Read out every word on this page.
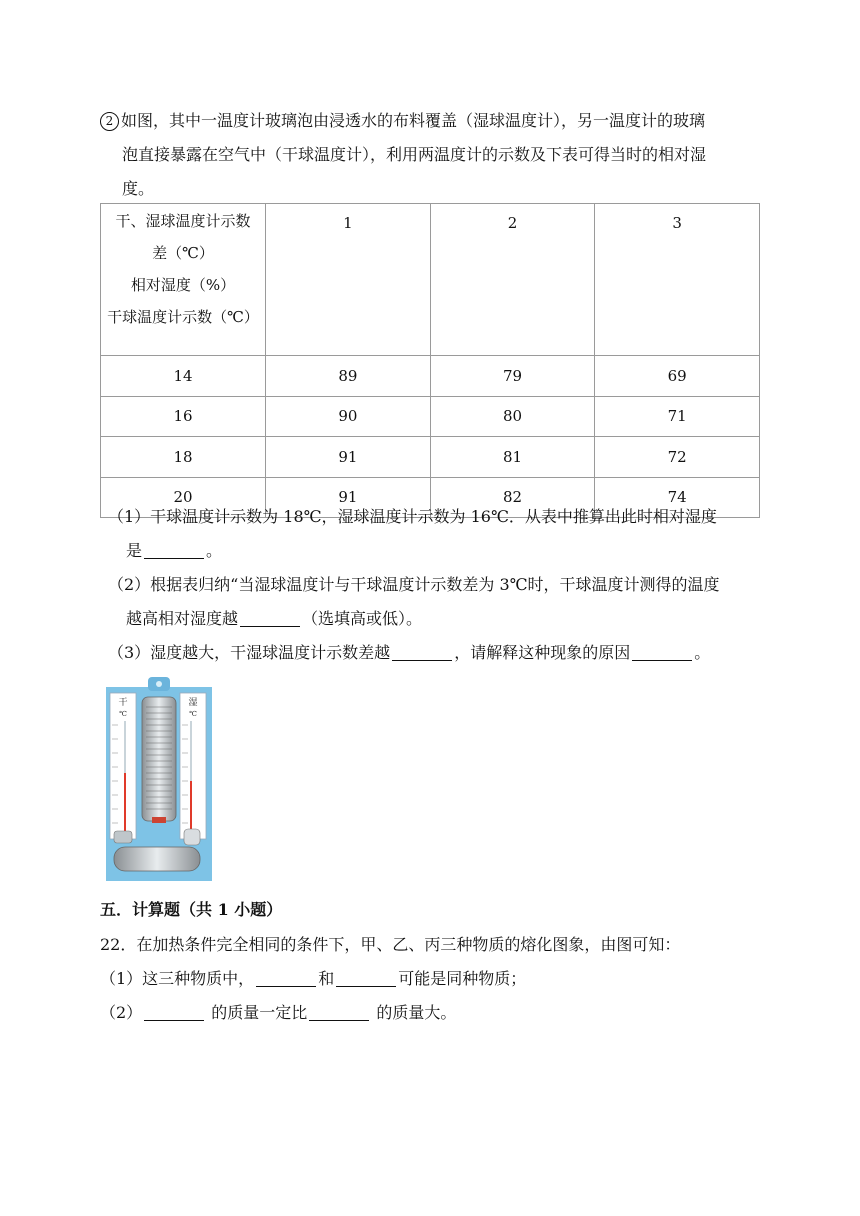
2 如图，其中一温度计玻璃泡由浸透水的布料覆盖（湿球温度计），另一温度计的玻璃
泡直接暴露在空气中（干球温度计），利用两温度计的示数及下表可得当时的相对湿
度。
干、湿球温度计示数
差（℃）
相对湿度（%）
干球温度计示数（℃）	1	2	3
14	89	79	69
16	90	80	71
18	91	81	72
20	91	82	74
（1）干球温度计示数为 18℃，湿球温度计示数为 16℃．从表中推算出此时相对湿度
是	。
（2）根据表归纳“当湿球温度计与干球温度计示数差为 3℃时，干球温度计测得的温度
越高相对湿度越	（选填高或低）。
（3）湿度越大，干湿球温度计示数差越	，请解释这种现象的原因	。
干
℃
湿
℃
五．计算题（共 1 小题）
22．在加热条件完全相同的条件下，甲、乙、丙三种物质的熔化图象，由图可知：
（1）这三种物质中，	和	可能是同种物质；
（2）	的质量一定比	的质量大。
